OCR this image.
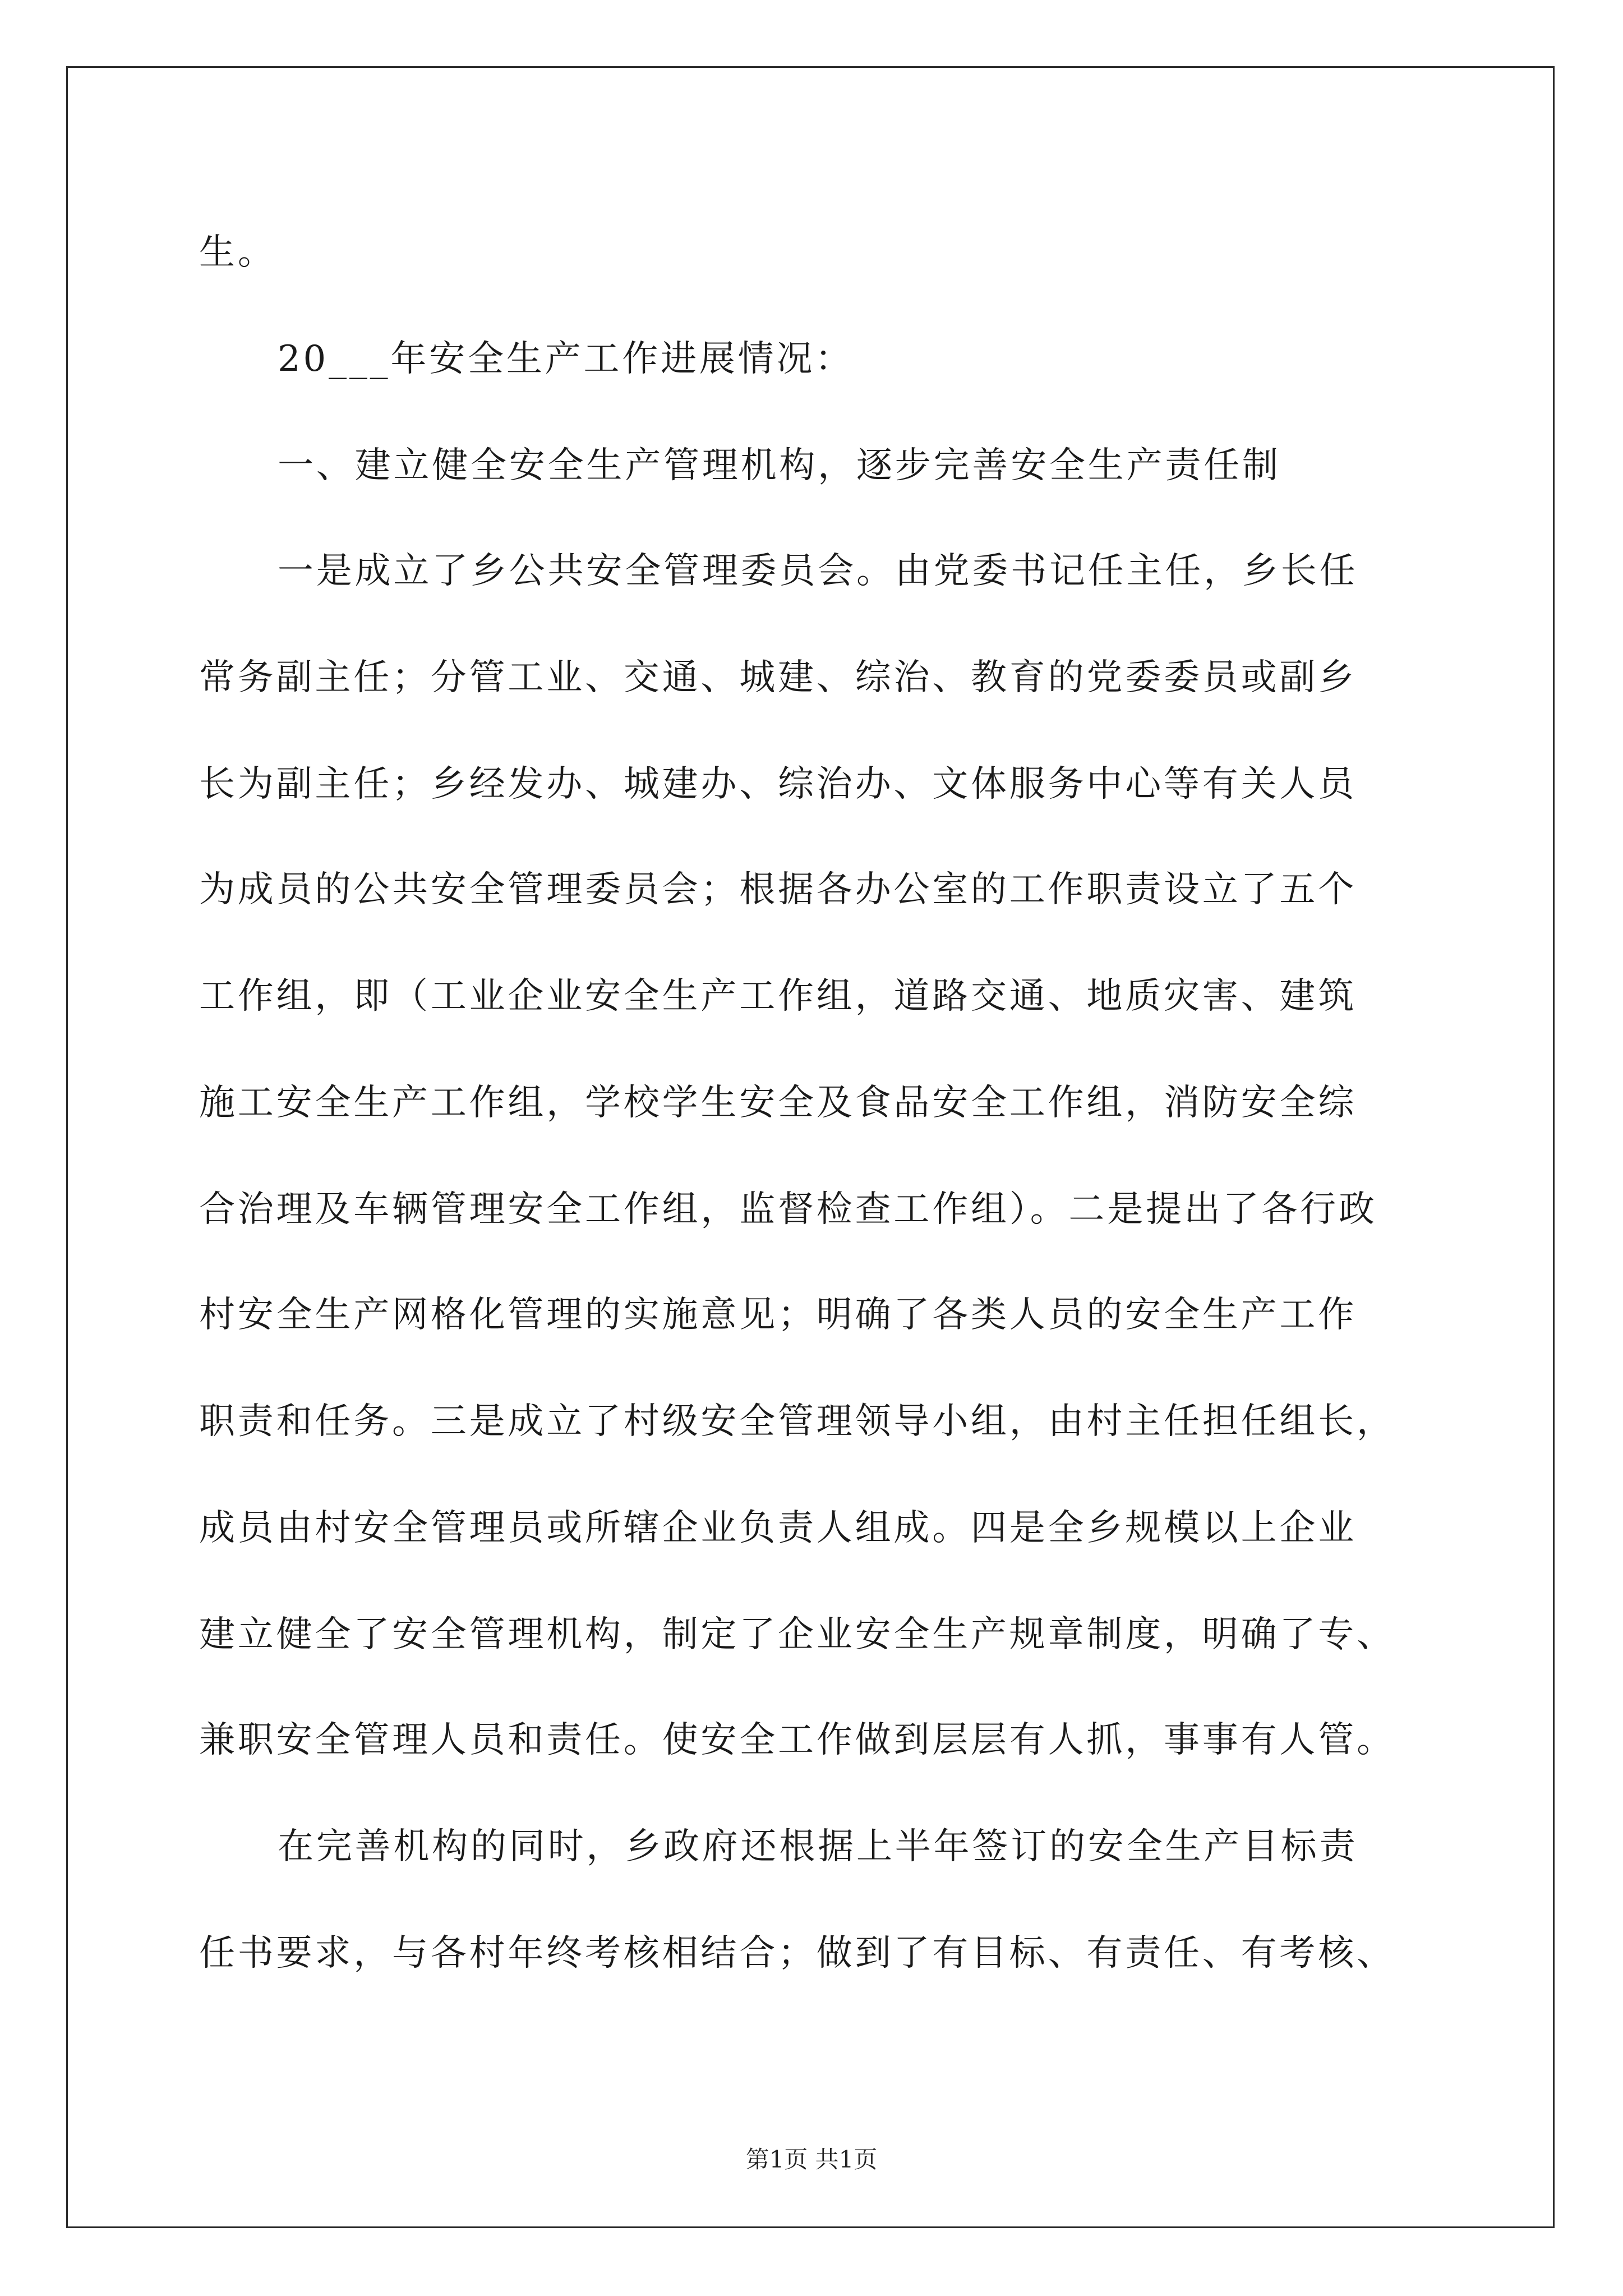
生。
20___年安全生产工作进展情况：
一、建立健全安全生产管理机构，逐步完善安全生产责任制
一是成立了乡公共安全管理委员会。由党委书记任主任，乡长任
常务副主任；分管工业、交通、城建、综治、教育的党委委员或副乡
长为副主任；乡经发办、城建办、综治办、文体服务中心等有关人员
为成员的公共安全管理委员会；根据各办公室的工作职责设立了五个
工作组，即（工业企业安全生产工作组，道路交通、地质灾害、建筑
施工安全生产工作组，学校学生安全及食品安全工作组，消防安全综
合治理及车辆管理安全工作组，监督检查工作组）。二是提出了各行政
村安全生产网格化管理的实施意见；明确了各类人员的安全生产工作
职责和任务。三是成立了村级安全管理领导小组，由村主任担任组长，
成员由村安全管理员或所辖企业负责人组成。四是全乡规模以上企业
建立健全了安全管理机构，制定了企业安全生产规章制度，明确了专、
兼职安全管理人员和责任。使安全工作做到层层有人抓，事事有人管。
在完善机构的同时，乡政府还根据上半年签订的安全生产目标责
任书要求，与各村年终考核相结合；做到了有目标、有责任、有考核、
第1页 共1页
